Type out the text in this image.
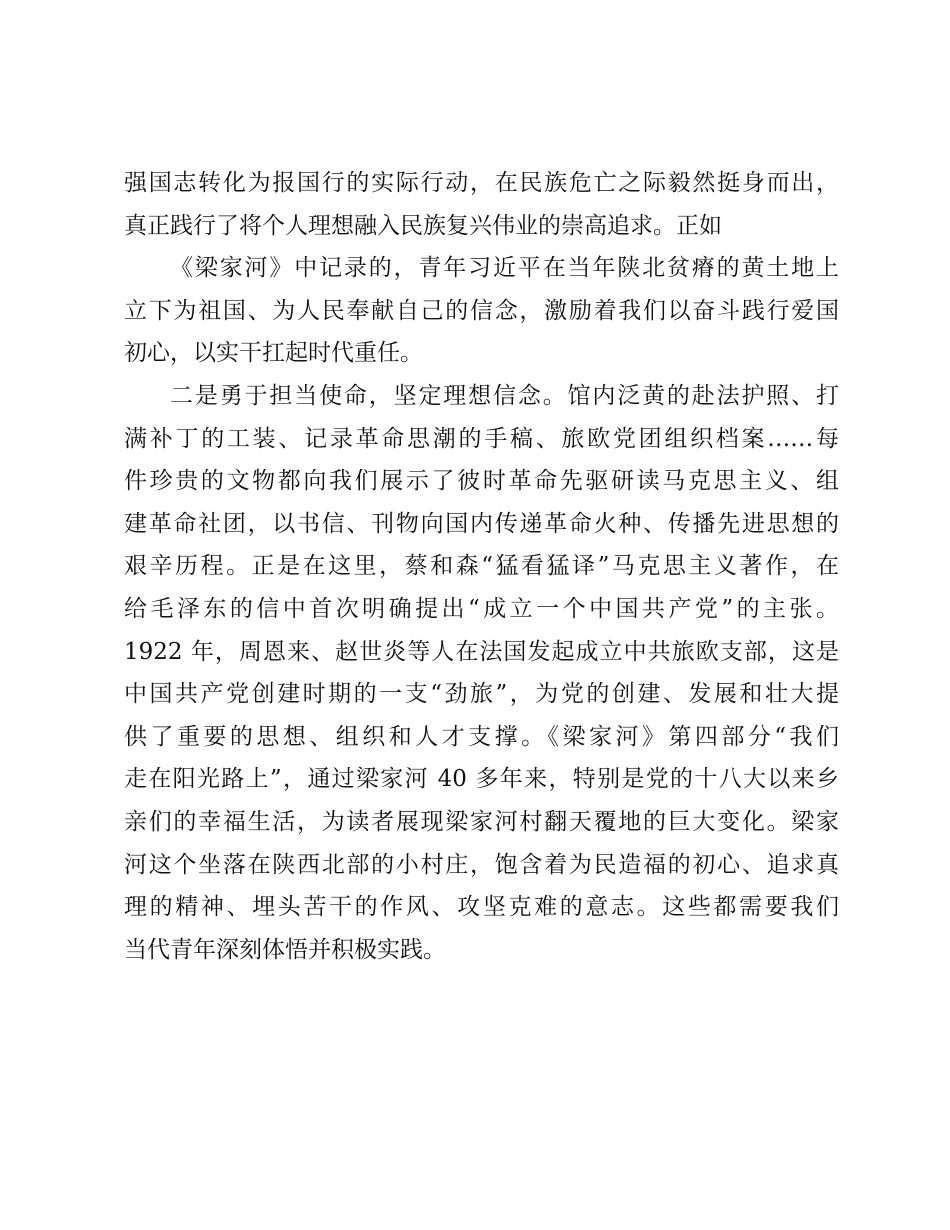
强国志转化为报国行的实际行动，在民族危亡之际毅然挺身而出，
真正践行了将个人理想融入民族复兴伟业的崇高追求。正如
《梁家河》中记录的，青年习近平在当年陕北贫瘠的黄土地上
立下为祖国、为人民奉献自己的信念，激励着我们以奋斗践行爱国
初心，以实干扛起时代重任。
二是勇于担当使命，坚定理想信念。馆内泛黄的赴法护照、打
满补丁的工装、记录革命思潮的手稿、旅欧党团组织档案……每
件珍贵的文物都向我们展示了彼时革命先驱研读马克思主义、组
建革命社团，以书信、刊物向国内传递革命火种、传播先进思想的
艰辛历程。正是在这里，蔡和森“猛看猛译”马克思主义著作，在
给毛泽东的信中首次明确提出“成立一个中国共产党”的主张。
1922 年，周恩来、赵世炎等人在法国发起成立中共旅欧支部，这是
中国共产党创建时期的一支“劲旅”，为党的创建、发展和壮大提
供了重要的思想、组织和人才支撑。《梁家河》第四部分“我们
走在阳光路上”，通过梁家河 40 多年来，特别是党的十八大以来乡
亲们的幸福生活，为读者展现梁家河村翻天覆地的巨大变化。梁家
河这个坐落在陕西北部的小村庄，饱含着为民造福的初心、追求真
理的精神、埋头苦干的作风、攻坚克难的意志。这些都需要我们
当代青年深刻体悟并积极实践。
